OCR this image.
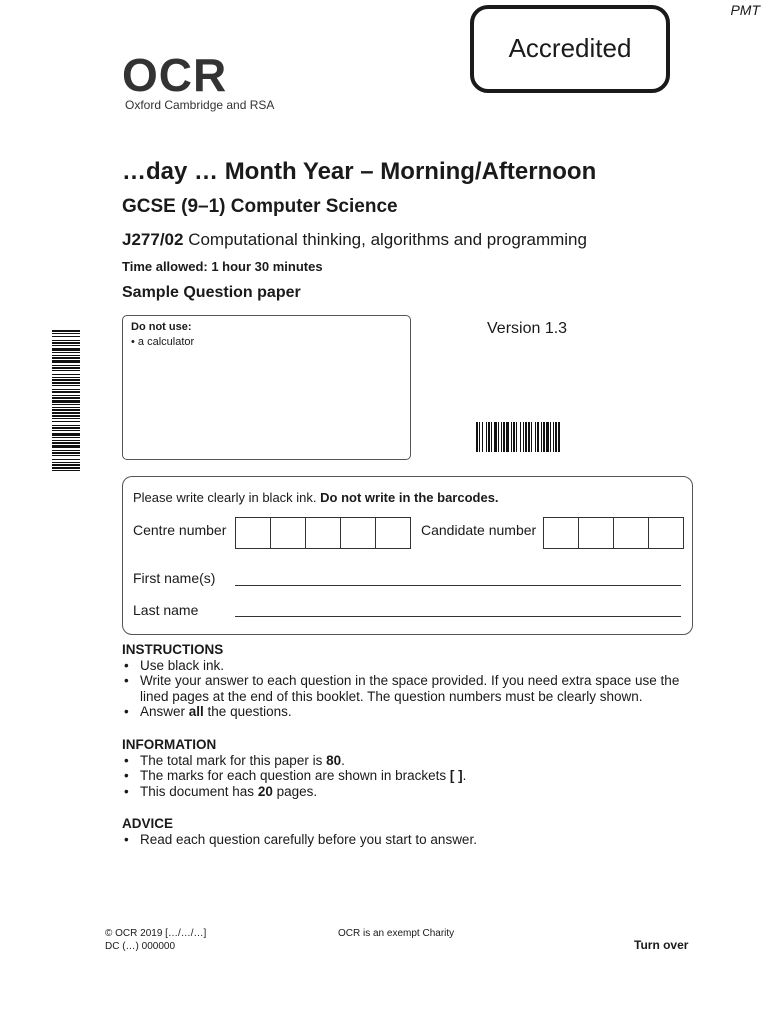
PMT
Accredited
OCR
Oxford Cambridge and RSA
…day … Month Year – Morning/Afternoon
GCSE (9–1) Computer Science
J277/02 Computational thinking, algorithms and programming
Time allowed: 1 hour 30 minutes
Sample Question paper
Do not use:
• a calculator
Version 1.3
Please write clearly in black ink. Do not write in the barcodes.
Centre number	Candidate number
First name(s)
Last name
INSTRUCTIONS
• Use black ink.
• Write your answer to each question in the space provided. If you need extra space use the lined pages at the end of this booklet. The question numbers must be clearly shown.
• Answer all the questions.
INFORMATION
• The total mark for this paper is 80.
• The marks for each question are shown in brackets [ ].
• This document has 20 pages.
ADVICE
• Read each question carefully before you start to answer.
© OCR 2019 […/…/…]
DC (…) 000000
OCR is an exempt Charity
Turn over
